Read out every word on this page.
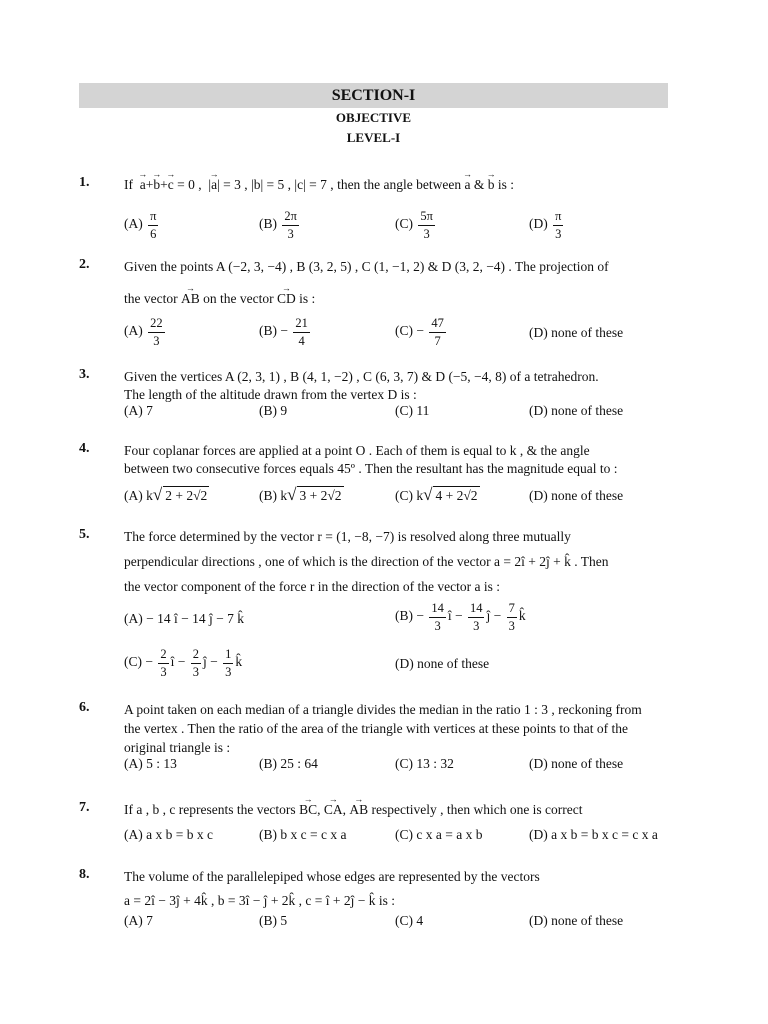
SECTION-I
OBJECTIVE
LEVEL-I
1.	If → a+→ b+→ c = 0 ,  |→ a| = 3 , |b| = 5 , |c| = 7 , then the angle between → a & → b is :
$(A) \frac{\pi}{6}$	$(B) \frac{2\pi}{3}$	$(C) \frac{5\pi}{3}$	$(D) \frac{\pi}{3}$
2.	Given the points A (−2, 3, −4) , B (3, 2, 5) , C (1, −1, 2) & D (3, 2, −4) . The projection of
the vector → AB on the vector → CD is :
$(A) \frac{22}{3}$	$(B) - \frac{21}{4}$	$(C) - \frac{47}{7}$	(D) none of these
3.	Given the vertices A (2, 3, 1) , B (4, 1, −2) , C (6, 3, 7) & D (−5, −4, 8) of a tetrahedron.
The length of the altitude drawn from the vertex D is :
(A) 7	(B) 9	(C) 11	(D) none of these
4.	Four coplanar forces are applied at a point O . Each of them is equal to k , & the angle
between two consecutive forces equals 45º . Then the resultant has the magnitude equal to :
(A) k√ 2 + 2√2	(B) k√ 3 + 2√2	(C) k√ 4 + 2√2	(D) none of these
5.	The force determined by the vector r = (1, −8, −7) is resolved along three mutually
perpendicular directions , one of which is the direction of the vector a = 2î + 2ĵ + k̂ . Then
the vector component of the force r in the direction of the vector a is :
(A) − 14 î − 14 ĵ − 7 k̂	$(B) - \frac{14}{3}$ î − $\frac{14}{3}$ ĵ − $\frac{7}{3}$ k̂
$(C) - \frac{2}{3}$ î − $\frac{2}{3}$ ĵ − $\frac{1}{3}$ k̂	(D) none of these
6.	A point taken on each median of a triangle divides the median in the ratio 1 : 3 , reckoning from
the vertex . Then the ratio of the area of the triangle with vertices at these points to that of the
original triangle is :
(A) 5 : 13	(B) 25 : 64	(C) 13 : 32	(D) none of these
7.	If a , b , c represents the vectors → BC, → CA, → AB respectively , then which one is correct
(A) a x b = b x c	(B) b x c = c x a	(C) c x a = a x b	(D) a x b = b x c = c x a
8.	The volume of the parallelepiped whose edges are represented by the vectors
a = 2î − 3ĵ + 4k̂ , b = 3î − ĵ + 2k̂ , c = î + 2ĵ − k̂ is :
(A) 7	(B) 5	(C) 4	(D) none of these
